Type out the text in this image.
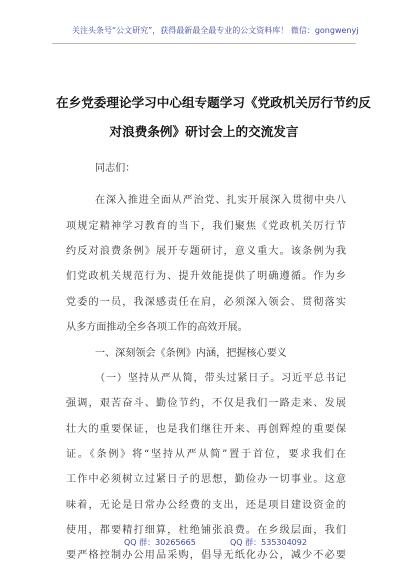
关注头条号“公文研究”，获得最新最全最专业的公文资料库！ 微信：gongwenyj
在乡党委理论学习中心组专题学习《党政机关厉行节约反
对浪费条例》研讨会上的交流发言
同志们：
在深入推进全面从严治党、扎实开展深入贯彻中央八
项规定精神学习教育的当下，我们聚焦《党政机关厉行节
约反对浪费条例》展开专题研讨，意义重大。该条例为我
们党政机关规范行为、提升效能提供了明确遵循。作为乡
党委的一员，我深感责任在肩，必须深入领会、贯彻落实
从多方面推动全乡各项工作的高效开展。
一、深刻领会《条例》内涵，把握核心要义
（一）坚持从严从简，带头过紧日子。习近平总书记
强调，艰苦奋斗、勤俭节约，不仅是我们一路走来、发展
壮大的重要保证，也是我们继往开来、再创辉煌的重要保
证。《条例》将“坚持从严从简”置于首位，要求我们在
工作中必须树立过紧日子的思想，勤俭办一切事业。这意
味着，无论是日常办公经费的支出，还是项目建设资金的
使用，都要精打细算，杜绝铺张浪费。在乡级层面，我们
要严格控制办公用品采购，倡导无纸化办公，减少不必要
QQ 群：30265665	QQ 群：535304092
